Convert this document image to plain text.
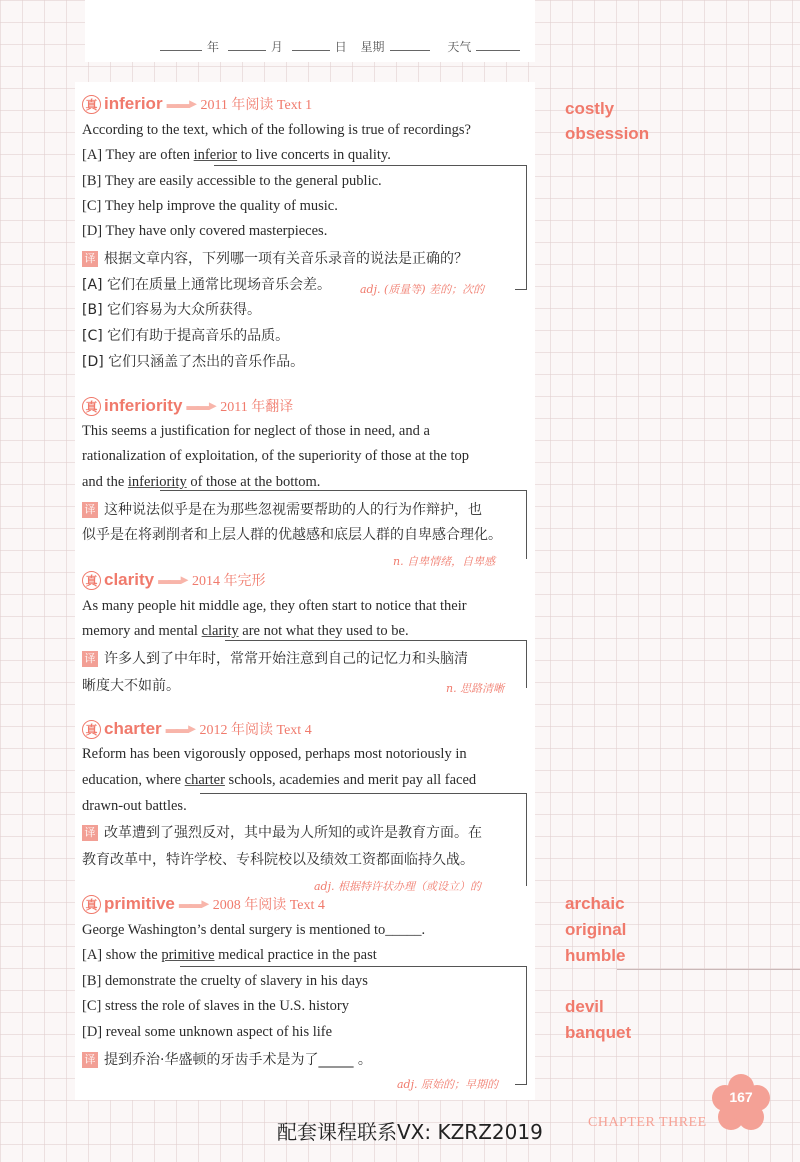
年	月	日 星期	天气
真 inferior ▬▬► 2011 年阅读 Text 1
According to the text, which of the following is true of recordings?
[A] They are often inferior to live concerts in quality.
[B] They are easily accessible to the general public.
[C] They help improve the quality of music.
[D] They have only covered masterpieces.
译 根据文章内容，下列哪一项有关音乐录音的说法是正确的？
[A] 它们在质量上通常比现场音乐会差。
[B] 它们容易为大众所获得。
[C] 它们有助于提高音乐的品质。
[D] 它们只涵盖了杰出的音乐作品。
adj. (质量等) 差的；次的
真 inferiority ▬▬► 2011 年翻译
This seems a justification for neglect of those in need, and a
rationalization of exploitation, of the superiority of those at the top
and the inferiority of those at the bottom.
译 这种说法似乎是在为那些忽视需要帮助的人的行为作辩护，也
似乎是在将剥削者和上层人群的优越感和底层人群的自卑感合理化。
n. 自卑情绪，自卑感
真 clarity ▬▬► 2014 年完形
As many people hit middle age, they often start to notice that their
memory and mental clarity are not what they used to be.
译 许多人到了中年时，常常开始注意到自己的记忆力和头脑清
晰度大不如前。	n. 思路清晰
真 charter ▬▬► 2012 年阅读 Text 4
Reform has been vigorously opposed, perhaps most notoriously in
education, where charter schools, academies and merit pay all faced
drawn-out battles.
译 改革遭到了强烈反对，其中最为人所知的或许是教育方面。在
教育改革中，特许学校、专科院校以及绩效工资都面临持久战。
adj. 根据特许状办理（或设立）的
真 primitive ▬▬► 2008 年阅读 Text 4
George Washington’s dental surgery is mentioned to_____.
[A] show the primitive medical practice in the past
[B] demonstrate the cruelty of slavery in his days
[C] stress the role of slaves in the U.S. history
[D] reveal some unknown aspect of his life
译 提到乔治·华盛顿的牙齿手术是为了_____ 。
adj. 原始的；早期的
costly
obsession
archaic
original
humble
devil
banquet
配套课程联系VX: KZRZ2019	CHAPTER THREE
167
